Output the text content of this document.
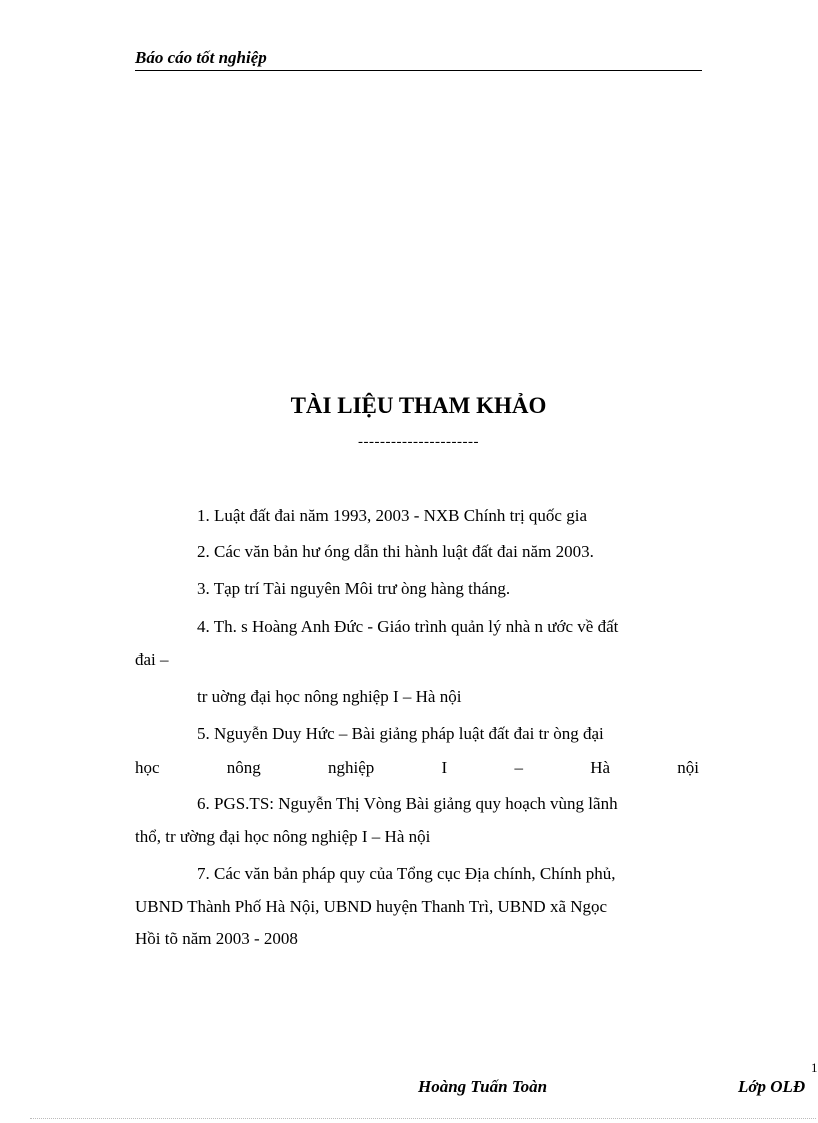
Báo cáo tốt nghiệp
TÀI LIỆU THAM KHẢO
----------------------
1. Luật đất đai năm 1993, 2003 - NXB Chính trị quốc gia
2. Các văn bản hư óng dẫn thi hành luật đất đai năm 2003.
3. Tạp trí Tài nguyên Môi trư òng hàng tháng.
4. Th. s Hoàng Anh Đức - Giáo trình quản lý nhà n ước về đất
đai –
tr uờng đại học nông nghiệp I – Hà nội
5. Nguyễn Duy Hức – Bài giảng pháp luật đất đai tr òng đại
học nông nghiệp I – Hà nội
6. PGS.TS: Nguyễn Thị Vòng Bài giảng quy hoạch vùng lãnh
thổ, tr ường đại học nông nghiệp I – Hà nội
7. Các văn bản pháp quy của Tổng cục Địa chính, Chính phủ,
UBND Thành Phố Hà Nội, UBND huyện Thanh Trì, UBND xã Ngọc
Hồi tõ năm 2003 - 2008
1
Hoàng Tuấn Toàn	Lớp OLĐ
